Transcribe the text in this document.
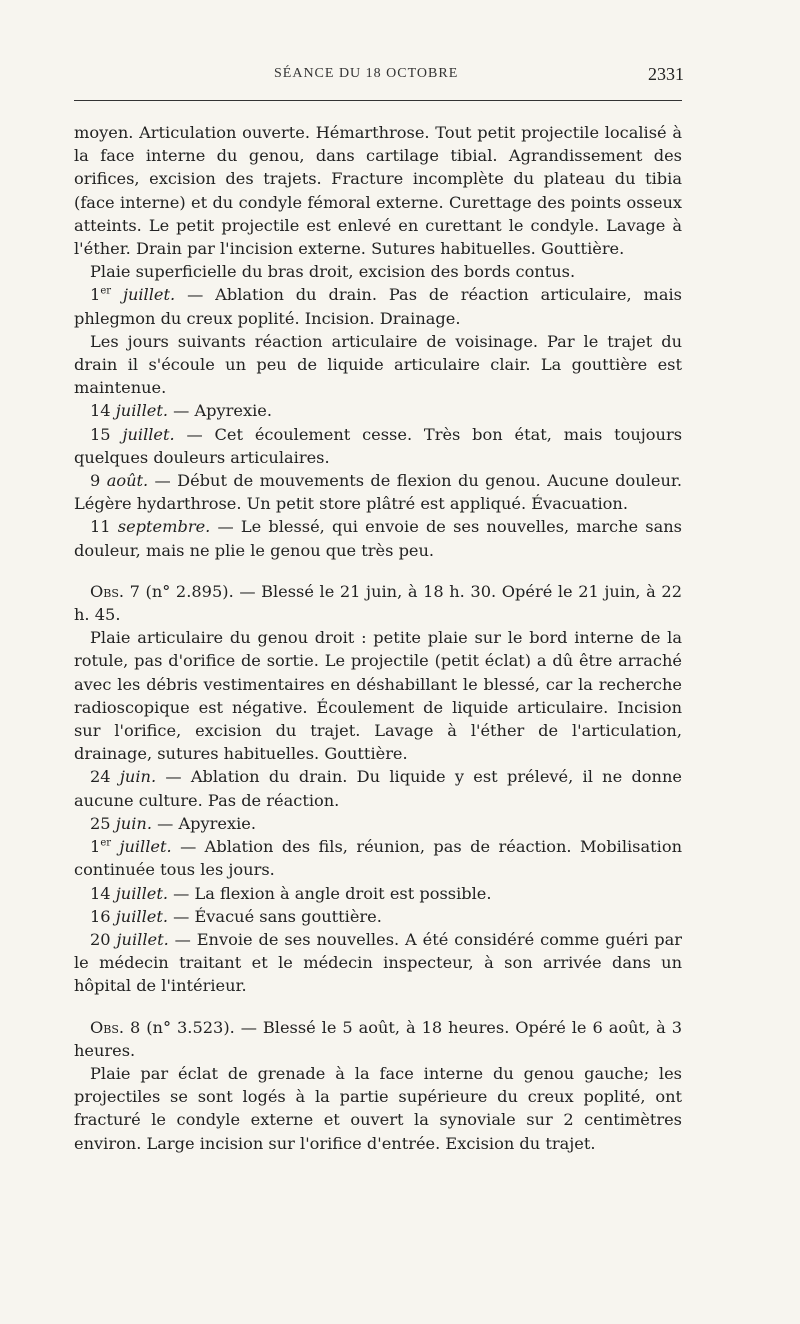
SÉANCE DU 18 OCTOBRE	2331

moyen. Articulation ouverte. Hémarthrose. Tout petit projectile localisé à la face interne du genou, dans cartilage tibial. Agrandissement des orifices, excision des trajets. Fracture incomplète du plateau du tibia (face interne) et du condyle fémoral externe. Curettage des points osseux atteints. Le petit projectile est enlevé en curettant le condyle. Lavage à l'éther. Drain par l'incision externe. Sutures habituelles. Gouttière.

Plaie superficielle du bras droit, excision des bords contus.

1er juillet. — Ablation du drain. Pas de réaction articulaire, mais phlegmon du creux poplité. Incision. Drainage.

Les jours suivants réaction articulaire de voisinage. Par le trajet du drain il s'écoule un peu de liquide articulaire clair. La gouttière est maintenue.

14 juillet. — Apyrexie.

15 juillet. — Cet écoulement cesse. Très bon état, mais toujours quelques douleurs articulaires.

9 août. — Début de mouvements de flexion du genou. Aucune douleur. Légère hydarthrose. Un petit store plâtré est appliqué. Évacuation.

11 septembre. — Le blessé, qui envoie de ses nouvelles, marche sans douleur, mais ne plie le genou que très peu.

Obs. 7 (n° 2.895). — Blessé le 21 juin, à 18 h. 30. Opéré le 21 juin, à 22 h. 45.

Plaie articulaire du genou droit : petite plaie sur le bord interne de la rotule, pas d'orifice de sortie. Le projectile (petit éclat) a dû être arraché avec les débris vestimentaires en déshabillant le blessé, car la recherche radioscopique est négative. Écoulement de liquide articulaire. Incision sur l'orifice, excision du trajet. Lavage à l'éther de l'articulation, drainage, sutures habituelles. Gouttière.

24 juin. — Ablation du drain. Du liquide y est prélevé, il ne donne aucune culture. Pas de réaction.

25 juin. — Apyrexie.

1er juillet. — Ablation des fils, réunion, pas de réaction. Mobilisation continuée tous les jours.

14 juillet. — La flexion à angle droit est possible.

16 juillet. — Évacué sans gouttière.

20 juillet. — Envoie de ses nouvelles. A été considéré comme guéri par le médecin traitant et le médecin inspecteur, à son arrivée dans un hôpital de l'intérieur.

Obs. 8 (n° 3.523). — Blessé le 5 août, à 18 heures. Opéré le 6 août, à 3 heures.

Plaie par éclat de grenade à la face interne du genou gauche; les projectiles se sont logés à la partie supérieure du creux poplité, ont fracturé le condyle externe et ouvert la synoviale sur 2 centimètres environ. Large incision sur l'orifice d'entrée. Excision du trajet.
